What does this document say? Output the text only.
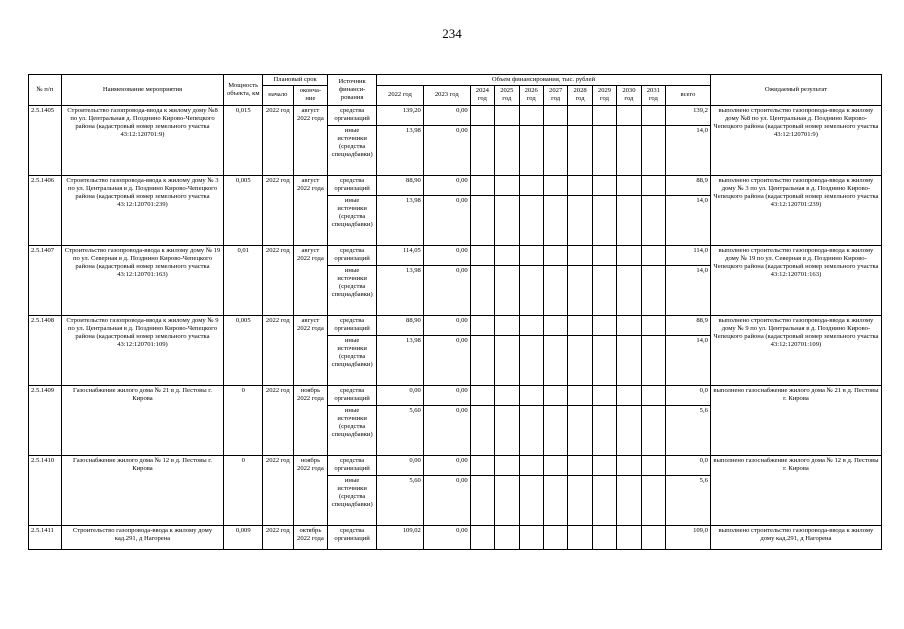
234
№ п/п	Наименование мероприятия	Мощность объекта, км	Плановый срок		Источник финанси-рования	Объем финансирования, тыс. рублей											Ожидаемый результат
			начало	оконча-ние		2022 год	2023 год	2024 год	2025 год	2026 год	2027 год	2028 год	2029 год	2030 год	2031 год	всего	
2.5.1405	Строительство газопровода-ввода к жилому дому №8 по ул. Центральная д. Позднино Кирово-Чепецкого района (кадастровый номер земельного участка 43:12:120701:9)	0,015	2022 год	август 2022 года	средства организаций	139,20	0,00									139,2	выполнено строительство газопровода-ввода к жилому дому №8 по ул. Центральная д. Позднино Кирово-Чепецкого района (кадастровый номер земельного участка 43:12:120701:9)
					иные источники (средства спецнадбавки)	13,98	0,00									14,0	
2.5.1406	Строительство газопровода-ввода к жилому дому № 3 по ул. Центральная в д. Позднино Кирово-Чепецкого района (кадастровый номер земельного участка 43:12:120701:239)	0,005	2022 год	август 2022 года	средства организаций	88,90	0,00									88,9	выполнено строительство газопровода-ввода к жилому дому № 3 по ул. Центральная в д. Позднино Кирово-Чепецкого района (кадастровый номер земельного участка 43:12:120701:239)
					иные источники (средства спецнадбавки)	13,98	0,00									14,0	
2.5.1407	Строительство газопровода-ввода к жилому дому № 19 по ул. Северная в д. Позднино Кирово-Чепецкого района (кадастровый номер земельного участка 43:12:120701:163)	0,01	2022 год	август 2022 года	средства организаций	114,05	0,00									114,0	выполнено строительство газопровода-ввода к жилому дому № 19 по ул. Северная в д. Позднино Кирово-Чепецкого района (кадастровый номер земельного участка 43:12:120701:163)
					иные источники (средства спецнадбавки)	13,98	0,00									14,0	
2.5.1408	Строительство газопровода-ввода к жилому дому № 9 по ул. Центральная в д. Позднино Кирово-Чепецкого района (кадастровый номер земельного участка 43:12:120701:109)	0,005	2022 год	август 2022 года	средства организаций	88,90	0,00									88,9	выполнено строительство газопровода-ввода к жилому дому № 9 по ул. Центральная в д. Позднино Кирово-Чепецкого района (кадастровый номер земельного участка 43:12:120701:109)
					иные источники (средства спецнадбавки)	13,98	0,00									14,0	
2.5.1409	Газоснабжение жилого дома № 21 в д. Пестовы г. Кирова	0	2022 год	ноябрь 2022 года	средства организаций	0,00	0,00									0,0	выполнено газоснабжение жилого дома № 21 в д. Пестовы г. Кирова
					иные источники (средства спецнадбавки)	5,60	0,00									5,6	
2.5.1410	Газоснабжение жилого дома № 12 в д. Пестовы г. Кирова	0	2022 год	ноябрь 2022 года	средства организаций	0,00	0,00									0,0	выполнено газоснабжение жилого дома № 12 в д. Пестовы г. Кирова
					иные источники (средства спецнадбавки)	5,60	0,00									5,6	
2.5.1411	Строительство газопровода-ввода к жилому дому кад.291, д Нагорена	0,009	2022 год	октябрь 2022 года	средства организаций	109,02	0,00									109,0	выполнено строительство газопровода-ввода к жилому дому кад.291, д Нагорена
